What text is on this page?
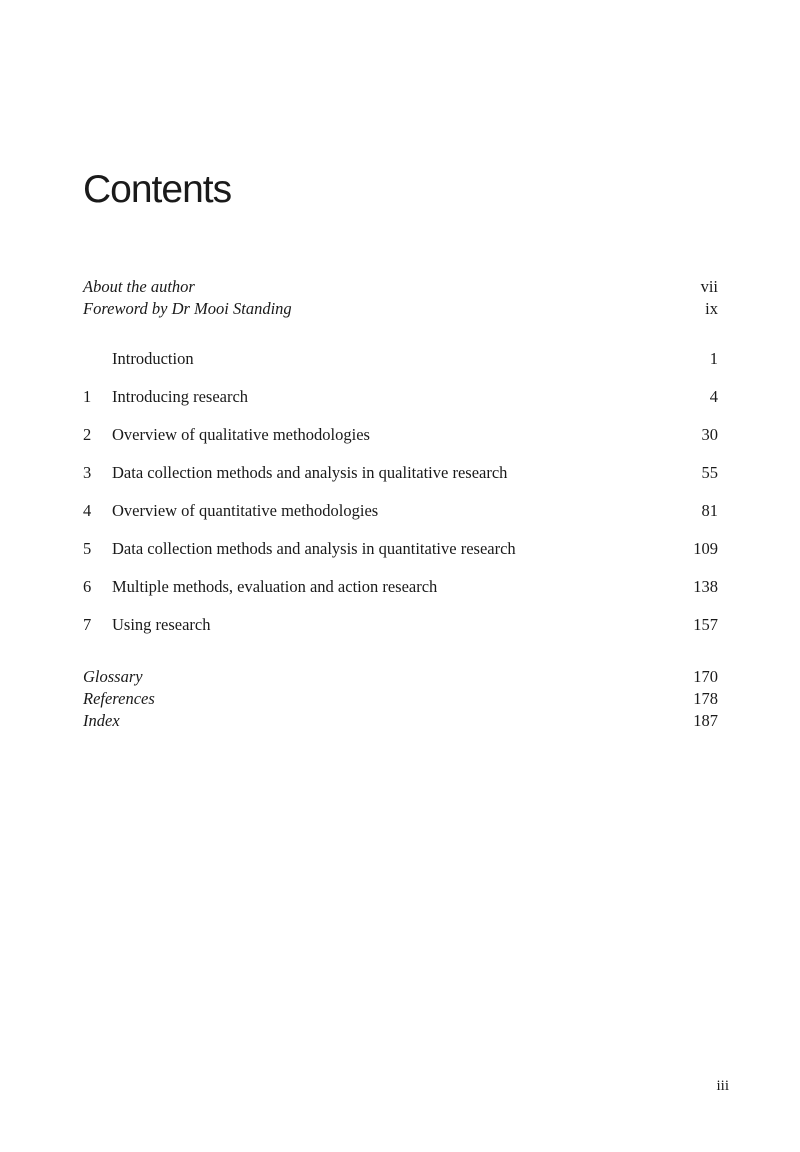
Contents
About the author	vii
Foreword by Dr Mooi Standing	ix
Introduction	1
1	Introducing research	4
2	Overview of qualitative methodologies	30
3	Data collection methods and analysis in qualitative research	55
4	Overview of quantitative methodologies	81
5	Data collection methods and analysis in quantitative research	109
6	Multiple methods, evaluation and action research	138
7	Using research	157
Glossary	170
References	178
Index	187
iii
